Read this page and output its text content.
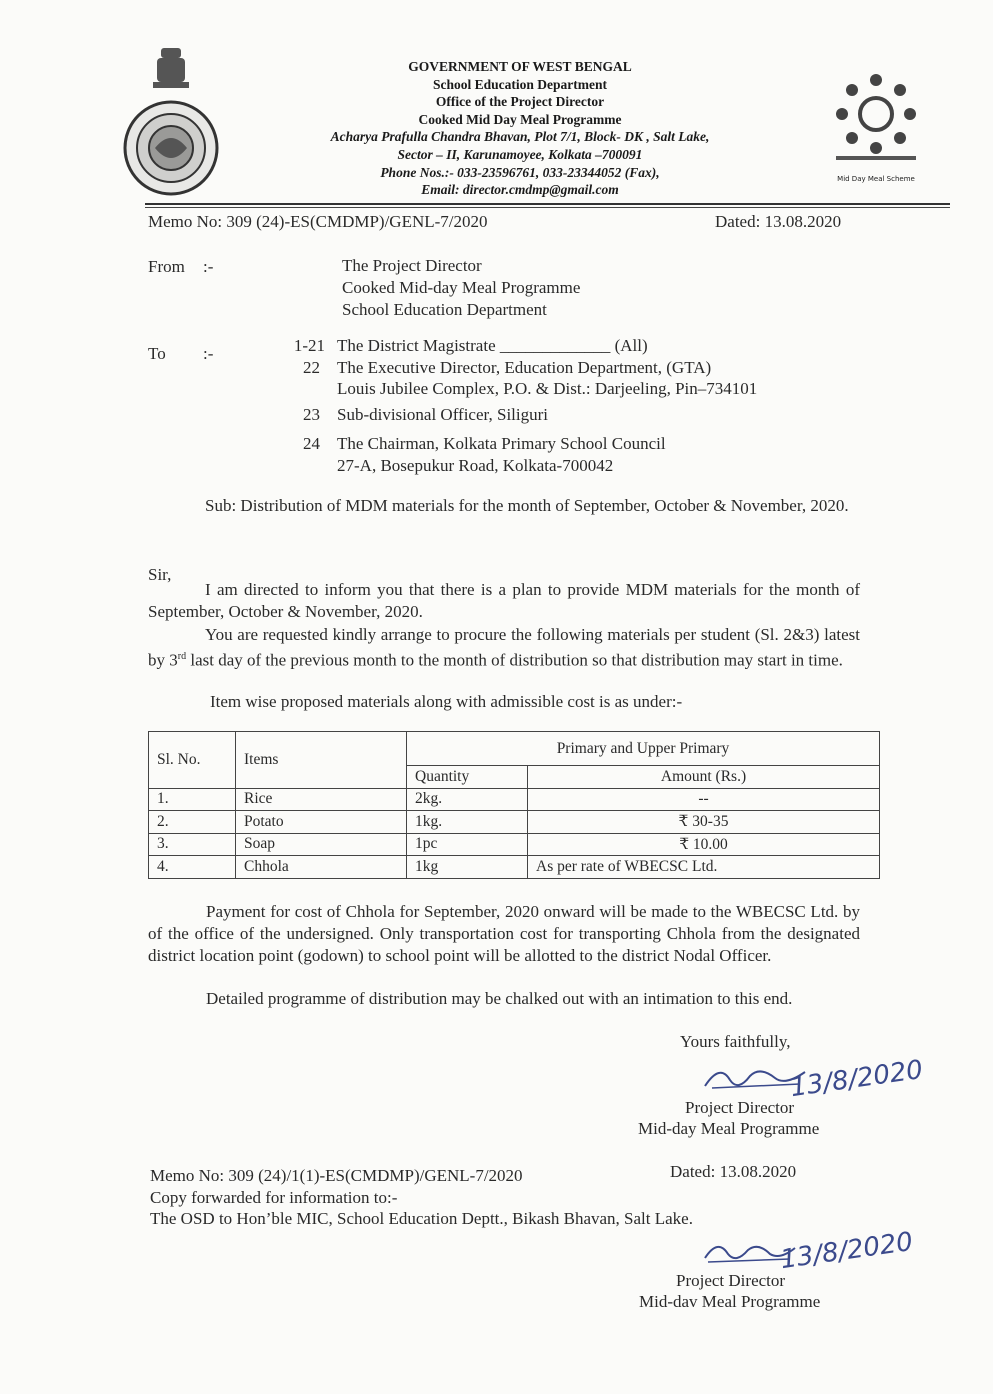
GOVERNMENT OF WEST BENGAL
School Education Department
Office of the Project Director
Cooked Mid Day Meal Programme
Acharya Prafulla Chandra Bhavan, Plot 7/1, Block- DK , Salt Lake,
Sector – II, Karunamoyee, Kolkata –700091
Phone Nos.:- 033-23596761, 033-23344052 (Fax),
Email: director.cmdmp@gmail.com
Mid Day Meal Scheme
Memo No: 309 (24)-ES(CMDMP)/GENL-7/2020	Dated: 13.08.2020
From :-	The Project Director
Cooked Mid-day Meal Programme
School Education Department
To :-	1-21 The District Magistrate _____________ (All)
22 The Executive Director, Education Department, (GTA)
Louis Jubilee Complex, P.O. & Dist.: Darjeeling, Pin–734101
23 Sub-divisional Officer, Siliguri
24 The Chairman, Kolkata Primary School Council
27-A, Bosepukur Road, Kolkata-700042
Sub: Distribution of MDM materials for the month of September, October & November, 2020.
Sir,
I am directed to inform you that there is a plan to provide MDM materials for the month of September, October & November, 2020.
You are requested kindly arrange to procure the following materials per student (Sl. 2&3) latest by 3rd last day of the previous month to the month of distribution so that distribution may start in time.
Item wise proposed materials along with admissible cost is as under:-
Sl. No.	Items	Primary and Upper Primary	
		Quantity	Amount (Rs.)
1.	Rice	2kg.	--
2.	Potato	1kg.	₹ 30-35
3.	Soap	1pc	₹ 10.00
4.	Chhola	1kg	As per rate of WBECSC Ltd.
Payment for cost of Chhola for September, 2020 onward will be made to the WBECSC Ltd. by of the office of the undersigned. Only transportation cost for transporting Chhola from the designated district location point (godown) to school point will be allotted to the district Nodal Officer.
Detailed programme of distribution may be chalked out with an intimation to this end.
Yours faithfully,
13/8/2020
Project Director
Mid-day Meal Programme
Memo No: 309 (24)/1(1)-ES(CMDMP)/GENL-7/2020	Dated: 13.08.2020
Copy forwarded for information to:-
The OSD to Hon’ble MIC, School Education Deptt., Bikash Bhavan, Salt Lake.
13/8/2020
Project Director
Mid-dav Meal Programme
